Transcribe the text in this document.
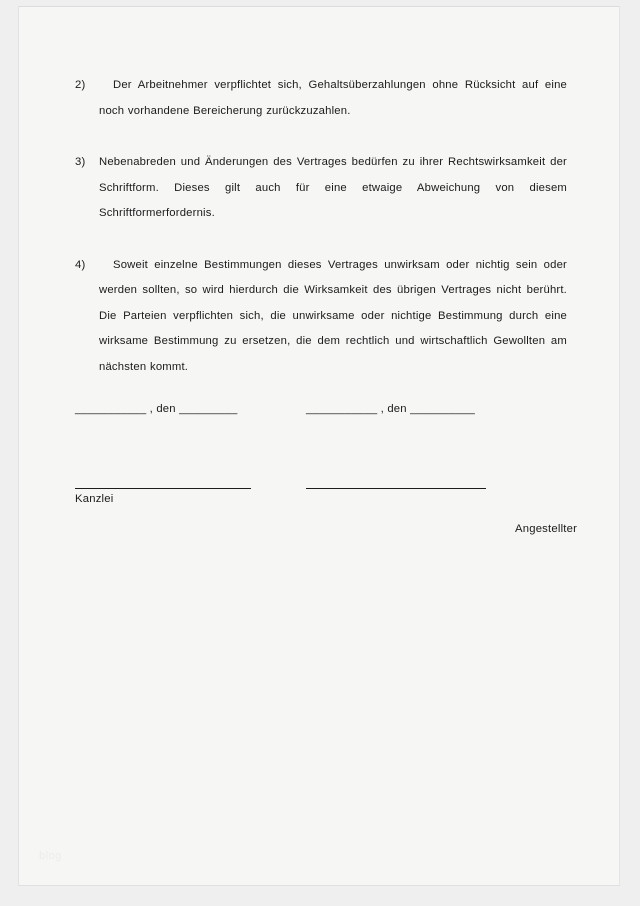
2)	Der Arbeitnehmer verpflichtet sich, Gehaltsüberzahlungen ohne Rücksicht auf eine noch vorhandene Bereicherung zurückzuzahlen.
3) Nebenabreden und Änderungen des Vertrages bedürfen zu ihrer Rechtswirksamkeit der Schriftform. Dieses gilt auch für eine etwaige Abweichung von diesem Schriftformerfordernis.
4)	Soweit einzelne Bestimmungen dieses Vertrages unwirksam oder nichtig sein oder werden sollten, so wird hierdurch die Wirksamkeit des übrigen Vertrages nicht berührt. Die Parteien verpflichten sich, die unwirksame oder nichtige Bestimmung durch eine wirksame Bestimmung zu ersetzen, die dem rechtlich und wirtschaftlich Gewollten am nächsten kommt.
___________ , den _________	___________ , den __________
Kanzlei
Angestellter
blog
